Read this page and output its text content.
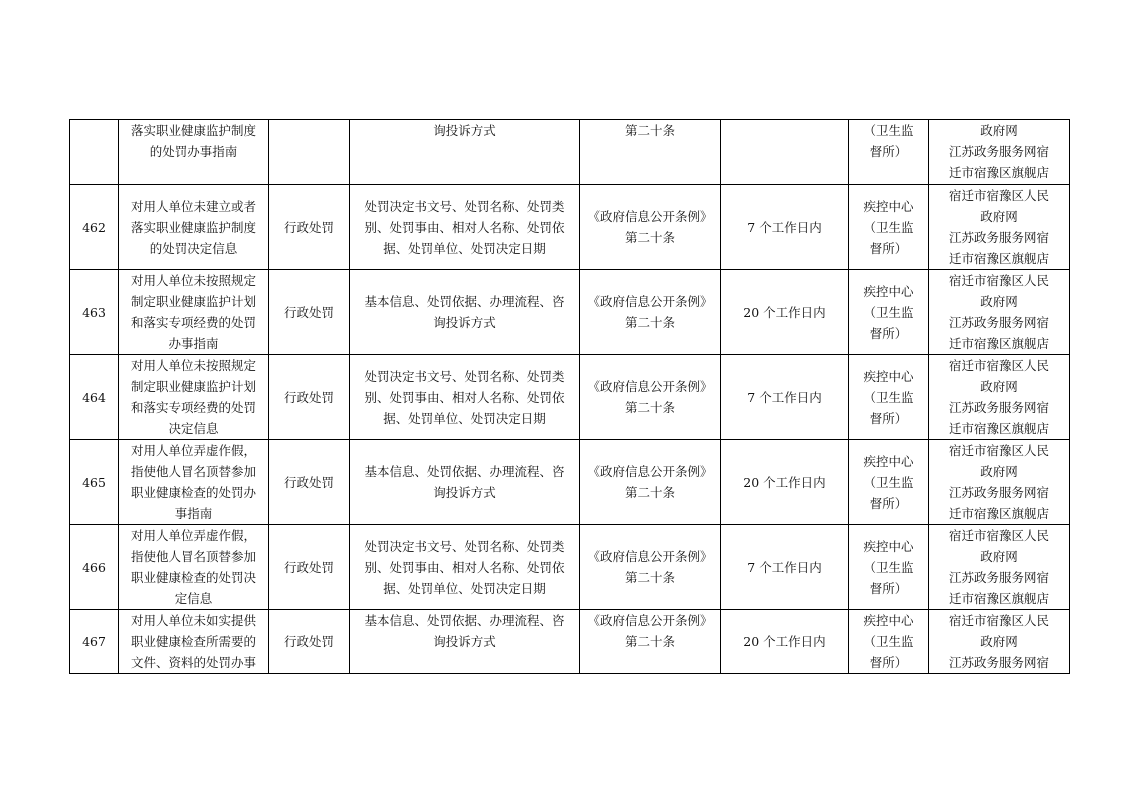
	落实职业健康监护制度
的处罚办事指南		询投诉方式	第二十条		（卫生监
督所）	政府网
江苏政务服务网宿
迁市宿豫区旗舰店

462	对用人单位未建立或者
落实职业健康监护制度
的处罚决定信息	行政处罚	处罚决定书文号、处罚名称、处罚类
别、处罚事由、相对人名称、处罚依
据、处罚单位、处罚决定日期	《政府信息公开条例》
第二十条	7 个工作日内	疾控中心
（卫生监
督所）	宿迁市宿豫区人民
政府网
江苏政务服务网宿
迁市宿豫区旗舰店

463	对用人单位未按照规定
制定职业健康监护计划
和落实专项经费的处罚
办事指南	行政处罚	基本信息、处罚依据、办理流程、咨
询投诉方式	《政府信息公开条例》
第二十条	20 个工作日内	疾控中心
（卫生监
督所）	宿迁市宿豫区人民
政府网
江苏政务服务网宿
迁市宿豫区旗舰店

464	对用人单位未按照规定
制定职业健康监护计划
和落实专项经费的处罚
决定信息	行政处罚	处罚决定书文号、处罚名称、处罚类
别、处罚事由、相对人名称、处罚依
据、处罚单位、处罚决定日期	《政府信息公开条例》
第二十条	7 个工作日内	疾控中心
（卫生监
督所）	宿迁市宿豫区人民
政府网
江苏政务服务网宿
迁市宿豫区旗舰店

465	对用人单位弄虚作假，
指使他人冒名顶替参加
职业健康检查的处罚办
事指南	行政处罚	基本信息、处罚依据、办理流程、咨
询投诉方式	《政府信息公开条例》
第二十条	20 个工作日内	疾控中心
（卫生监
督所）	宿迁市宿豫区人民
政府网
江苏政务服务网宿
迁市宿豫区旗舰店

466	对用人单位弄虚作假，
指使他人冒名顶替参加
职业健康检查的处罚决
定信息	行政处罚	处罚决定书文号、处罚名称、处罚类
别、处罚事由、相对人名称、处罚依
据、处罚单位、处罚决定日期	《政府信息公开条例》
第二十条	7 个工作日内	疾控中心
（卫生监
督所）	宿迁市宿豫区人民
政府网
江苏政务服务网宿
迁市宿豫区旗舰店

467	对用人单位未如实提供
职业健康检查所需要的
文件、资料的处罚办事	行政处罚	基本信息、处罚依据、办理流程、咨
询投诉方式	《政府信息公开条例》
第二十条	20 个工作日内	疾控中心
（卫生监
督所）	宿迁市宿豫区人民
政府网
江苏政务服务网宿
